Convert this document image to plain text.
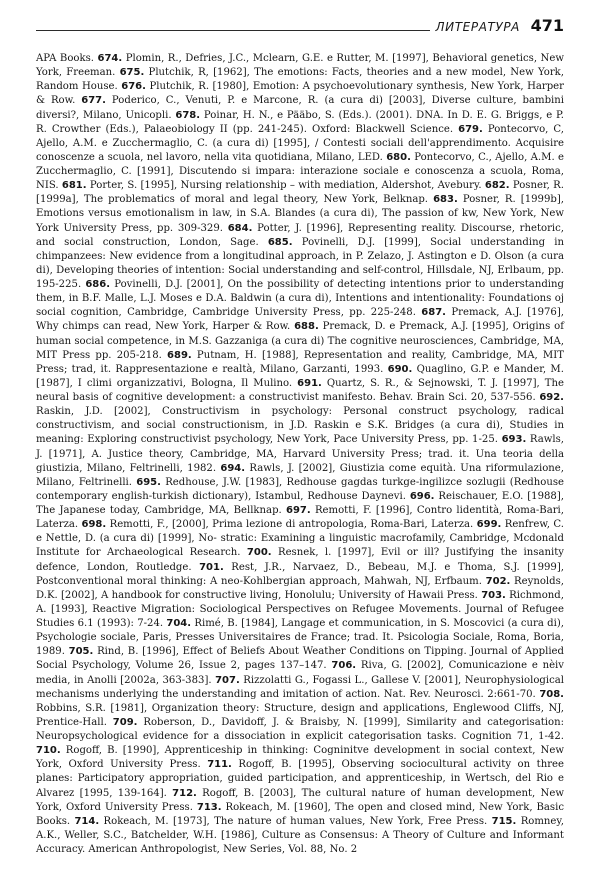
ЛИТЕРАТУРА 471
APA Books. 674. Plomin, R., Defries, J.C., Mclearn, G.E. e Rutter, M. [1997], Behavioral genetics, New York, Freeman. 675. Plutchik, R, [1962], The emotions: Facts, theories and a new model, New York, Random House. 676. Plutchik, R. [1980], Emotion: A psychoevolutionary synthesis, New York, Harper & Row. 677. Poderico, C., Venuti, P. e Marcone, R. (a cura di) [2003], Diverse culture, bambini diversi?, Milano, Unicopli. 678. Poinar, H. N., e Pääbo, S. (Eds.). (2001). DNA. In D. E. G. Briggs, e P. R. Crowther (Eds.), Palaeobiology II (pp. 241-245). Oxford: Blackwell Science. 679. Pontecorvo, C, Ajello, A.M. e Zucchermaglio, C. (a cura di) [1995], / Contesti sociali dell'apprendimento. Acquisire conoscenze a scuola, nel lavoro, nella vita quotidiana, Milano, LED. 680. Pontecorvo, C., Ajello, A.M. e Zucchermaglio, C. [1991], Discutendo si impara: interazione sociale e conoscenza a scuola, Roma, NIS. 681. Porter, S. [1995], Nursing relationship – with mediation, Aldershot, Avebury. 682. Posner, R. [1999a], The problematics of moral and legal theory, New York, Belknap. 683. Posner, R. [1999b], Emotions versus emotionalism in law, in S.A. Blandes (a cura di), The passion of kw, New York, New York University Press, pp. 309-329. 684. Potter, J. [1996], Representing reality. Discourse, rhetoric, and social construction, London, Sage. 685. Povinelli, D.J. [1999], Social understanding in chimpanzees: New evidence from a longitudinal approach, in P. Zelazo, J. Astington e D. Olson (a cura di), Developing theories of intention: Social understanding and self-control, Hillsdale, NJ, Erlbaum, pp. 195-225. 686. Povinelli, D.J. [2001], On the possibility of detecting intentions prior to understanding them, in B.F. Malle, L.J. Moses e D.A. Baldwin (a cura di), Intentions and intentionality: Foundations oj social cognition, Cambridge, Cambridge University Press, pp. 225-248. 687. Premack, A.J. [1976], Why chimps can read, New York, Harper & Row. 688. Premack, D. e Premack, A.J. [1995], Origins of human social competence, in M.S. Gazzaniga (a cura di) The cognitive neurosciences, Cambridge, MA, MIT Press pp. 205-218. 689. Putnam, H. [1988], Representation and reality, Cambridge, MA, MIT Press; trad, it. Rappresentazione e realtà, Milano, Garzanti, 1993. 690. Quaglino, G.P. e Mander, M. [1987], I climi organizzativi, Bologna, Il Mulino. 691. Quartz, S. R., & Sejnowski, T. J. [1997], The neural basis of cognitive development: a constructivist manifesto. Behav. Brain Sci. 20, 537-556. 692. Raskin, J.D. [2002], Constructivism in psychology: Personal construct psychology, radical constructivism, and social constructionism, in J.D. Raskin e S.K. Bridges (a cura di), Studies in meaning: Exploring constructivist psychology, New York, Pace University Press, pp. 1-25. 693. Rawls, J. [1971], A. Justice theory, Cambridge, MA, Harvard University Press; trad. it. Una teoria della giustizia, Milano, Feltrinelli, 1982. 694. Rawls, J. [2002], Giustizia come equità. Una riformulazione, Milano, Feltrinelli. 695. Redhouse, J.W. [1983], Redhouse gagdas turkge-ingilizce sozlugii (Redhouse contemporary english-turkish dictionary), Istambul, Redhouse Daynevi. 696. Reischauer, E.O. [1988], The Japanese today, Cambridge, MA, Bellknap. 697. Remotti, F. [1996], Contro lidentità, Roma-Bari, Laterza. 698. Remotti, F., [2000], Prima lezione di antropologia, Roma-Bari, Laterza. 699. Renfrew, C. e Nettle, D. (a cura di) [1999], No- stratic: Examining a linguistic macrofamily, Cambridge, Mcdonald Institute for Archaeological Research. 700. Resnek, l. [1997], Evil or ill? Justifying the insanity defence, London, Routledge. 701. Rest, J.R., Narvaez, D., Bebeau, M.J. e Thoma, S.J. [1999], Postconventional moral thinking: A neo-Kohlbergian approach, Mahwah, NJ, Erfbaum. 702. Reynolds, D.K. [2002], A handbook for constructive living, Honolulu; University of Hawaii Press. 703. Richmond, A. [1993], Reactive Migration: Sociological Perspectives on Refugee Movements. Journal of Refugee Studies 6.1 (1993): 7-24. 704. Rimé, B. [1984], Langage et communication, in S. Moscovici (a cura di), Psychologie sociale, Paris, Presses Universitaires de France; trad. It. Psicologia Sociale, Roma, Boria, 1989. 705. Rind, B. [1996], Effect of Beliefs About Weather Conditions on Tipping. Journal of Applied Social Psychology, Volume 26, Issue 2, pages 137–147. 706. Riva, G. [2002], Comunicazione e nèiv media, in Anolli [2002a, 363-383]. 707. Rizzolatti G., Fogassi L., Gallese V. [2001], Neurophysiological mechanisms underlying the understanding and imitation of action. Nat. Rev. Neurosci. 2:661-70. 708. Robbins, S.R. [1981], Organization theory: Structure, design and applications, Englewood Cliffs, NJ, Prentice-Hall. 709. Roberson, D., Davidoff, J. & Braisby, N. [1999], Similarity and categorisation: Neuropsychological evidence for a dissociation in explicit categorisation tasks. Cognition 71, 1-42. 710. Rogoff, B. [1990], Apprenticeship in thinking: Cogninitve development in social context, New York, Oxford University Press. 711. Rogoff, B. [1995], Observing sociocultural activity on three planes: Participatory appropriation, guided participation, and apprenticeship, in Wertsch, del Rio e Alvarez [1995, 139-164]. 712. Rogoff, B. [2003], The cultural nature of human development, New York, Oxford University Press. 713. Rokeach, M. [1960], The open and closed mind, New York, Basic Books. 714. Rokeach, M. [1973], The nature of human values, New York, Free Press. 715. Romney, A.K., Weller, S.C., Batchelder, W.H. [1986], Culture as Consensus: A Theory of Culture and Informant Accuracy. American Anthropologist, New Series, Vol. 88, No. 2
